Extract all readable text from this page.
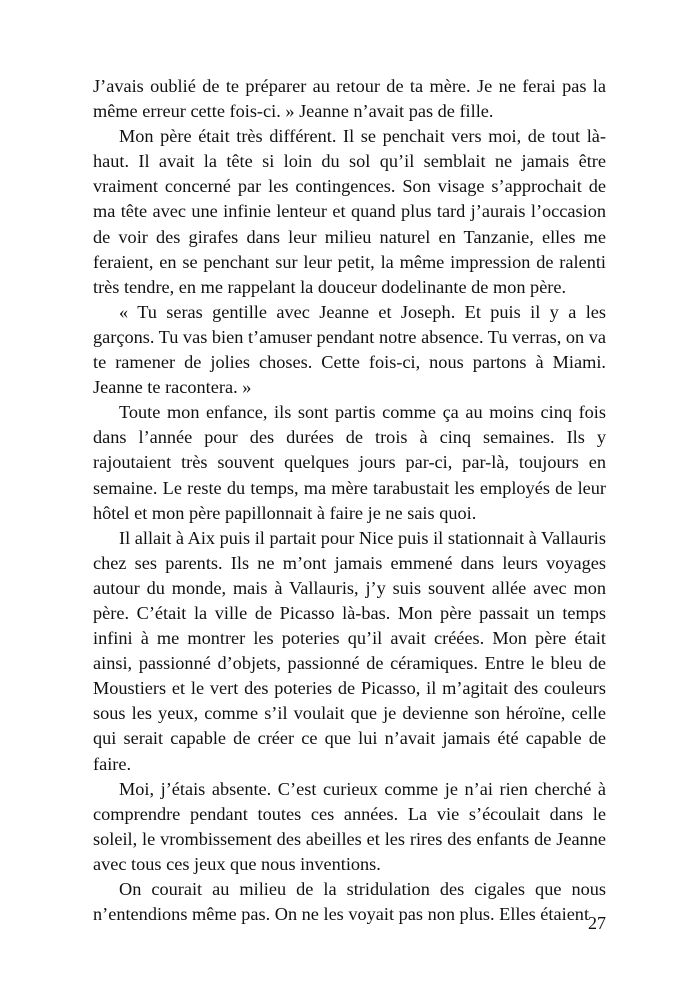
J’avais oublié de te préparer au retour de ta mère. Je ne ferai pas la même erreur cette fois-ci. » Jeanne n’avait pas de fille.

Mon père était très différent. Il se penchait vers moi, de tout là-haut. Il avait la tête si loin du sol qu’il semblait ne jamais être vraiment concerné par les contingences. Son visage s’approchait de ma tête avec une infinie lenteur et quand plus tard j’aurais l’occasion de voir des girafes dans leur milieu naturel en Tanzanie, elles me feraient, en se penchant sur leur petit, la même impression de ralenti très tendre, en me rappelant la douceur dodelinante de mon père.

« Tu seras gentille avec Jeanne et Joseph. Et puis il y a les garçons. Tu vas bien t’amuser pendant notre absence. Tu verras, on va te ramener de jolies choses. Cette fois-ci, nous partons à Miami. Jeanne te racontera. »

Toute mon enfance, ils sont partis comme ça au moins cinq fois dans l’année pour des durées de trois à cinq semaines. Ils y rajoutaient très souvent quelques jours par-ci, par-là, toujours en semaine. Le reste du temps, ma mère tarabustait les employés de leur hôtel et mon père papillonnait à faire je ne sais quoi.

Il allait à Aix puis il partait pour Nice puis il stationnait à Vallauris chez ses parents. Ils ne m’ont jamais emmené dans leurs voyages autour du monde, mais à Vallauris, j’y suis souvent allée avec mon père. C’était la ville de Picasso là-bas. Mon père passait un temps infini à me montrer les poteries qu’il avait créées. Mon père était ainsi, passionné d’objets, passionné de céramiques. Entre le bleu de Moustiers et le vert des poteries de Picasso, il m’agitait des couleurs sous les yeux, comme s’il voulait que je devienne son héroïne, celle qui serait capable de créer ce que lui n’avait jamais été capable de faire.

Moi, j’étais absente. C’est curieux comme je n’ai rien cherché à comprendre pendant toutes ces années. La vie s’écoulait dans le soleil, le vrombissement des abeilles et les rires des enfants de Jeanne avec tous ces jeux que nous inventions.

On courait au milieu de la stridulation des cigales que nous n’entendions même pas. On ne les voyait pas non plus. Elles étaient

27
